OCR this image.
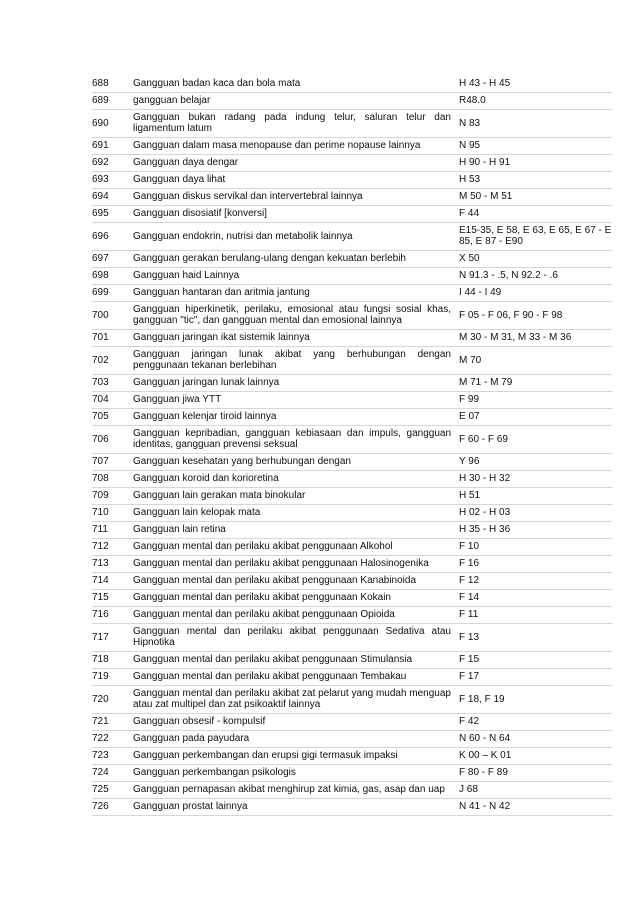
688	Gangguan badan kaca dan bola mata	H 43 - H 45
689	gangguan belajar	R48.0
690	Gangguan bukan radang pada indung telur, saluran telur dan ligamentum latum	N 83
691	Gangguan dalam masa menopause dan perime nopause lainnya	N 95
692	Gangguan daya dengar	H 90 - H 91
693	Gangguan daya lihat	H 53
694	Gangguan diskus servikal dan intervertebral lainnya	M 50 - M 51
695	Gangguan disosiatif [konversi]	F 44
696	Gangguan endokrin, nutrisi dan metabolik lainnya	E15-35, E 58, E 63, E 65, E 67 - E 85, E 87 - E90
697	Gangguan gerakan berulang-ulang dengan kekuatan berlebih	X 50
698	Gangguan haid Lainnya	N 91.3 - .5, N 92.2 - .6
699	Gangguan hantaran dan aritmia jantung	I 44 - I 49
700	Gangguan hiperkinetik, perilaku, emosional atau fungsi sosial khas, gangguan "tic", dan gangguan mental dan emosional lainnya	F 05 - F 06, F 90 - F 98
701	Gangguan jaringan ikat sistemik lainnya	M 30 - M 31, M 33 - M 36
702	Gangguan jaringan lunak akibat yang berhubungan dengan penggunaan tekanan berlebihan	M 70
703	Gangguan jaringan lunak lainnya	M 71 - M 79
704	Gangguan jiwa YTT	F 99
705	Gangguan kelenjar tiroid lainnya	E 07
706	Gangguan kepribadian, gangguan kebiasaan dan impuls, gangguan identitas, gangguan prevensi seksual	F 60 - F 69
707	Gangguan kesehatan yang berhubungan dengan	Y 96
708	Gangguan koroid dan korioretina	H 30 - H 32
709	Gangguan lain gerakan mata binokular	H 51
710	Gangguan lain kelopak mata	H 02 - H 03
711	Gangguan lain retina	H 35 - H 36
712	Gangguan mental dan perilaku akibat penggunaan Alkohol	F 10
713	Gangguan mental dan perilaku akibat penggunaan Halosinogenika	F 16
714	Gangguan mental dan perilaku akibat penggunaan Kanabinoida	F 12
715	Gangguan mental dan perilaku akibat penggunaan Kokain	F 14
716	Gangguan mental dan perilaku akibat penggunaan Opioida	F 11
717	Gangguan mental dan perilaku akibat penggunaan Sedativa atau Hipnotika	F 13
718	Gangguan mental dan perilaku akibat penggunaan Stimulansia	F 15
719	Gangguan mental dan perilaku akibat penggunaan Tembakau	F 17
720	Gangguan mental dan perilaku akibat zat pelarut yang mudah menguap atau zat multipel dan zat psikoaktif lainnya	F 18, F 19
721	Gangguan obsesif - kompulsif	F 42
722	Gangguan pada payudara	N 60 - N 64
723	Gangguan perkembangan dan erupsi gigi termasuk impaksi	K 00 – K 01
724	Gangguan perkembangan psikologis	F 80 - F 89
725	Gangguan pernapasan akibat menghirup zat kimia, gas, asap dan uap	J 68
726	Gangguan prostat lainnya	N 41 - N 42
